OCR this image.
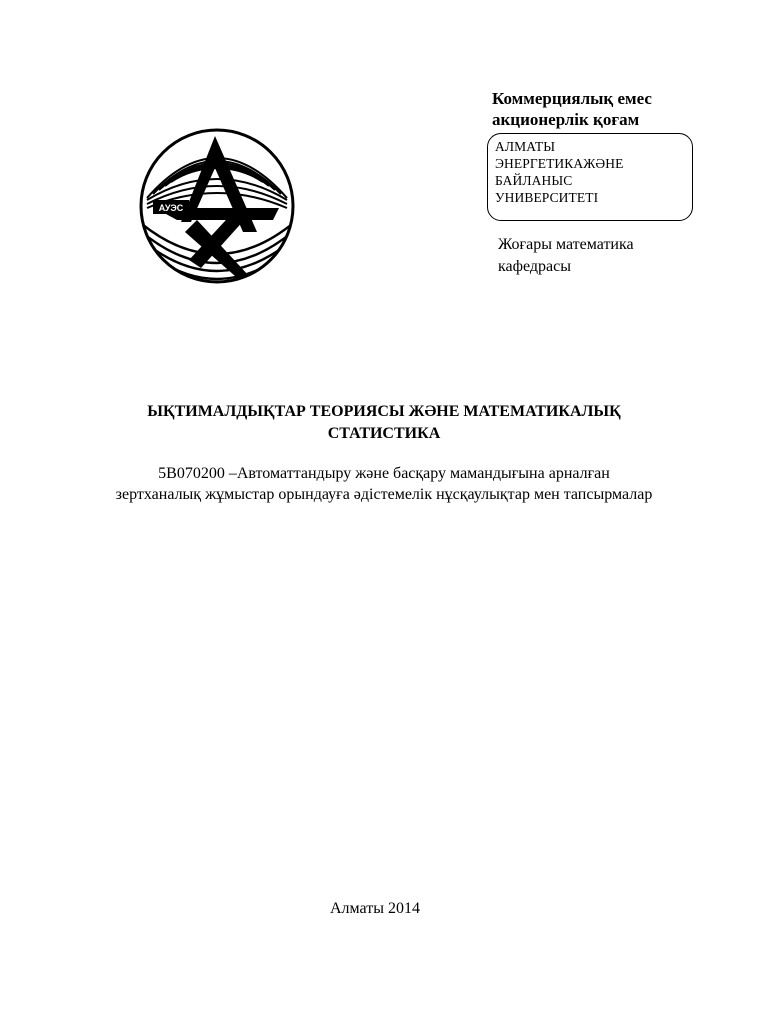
АУЭС
Коммерциялық емес
акционерлік қоғам
АЛМАТЫ
ЭНЕРГЕТИКАЖӘНЕ
БАЙЛАНЫС
УНИВЕРСИТЕТІ
Жоғары математика
кафедрасы
ЫҚТИМАЛДЫҚТАР ТЕОРИЯСЫ ЖӘНЕ МАТЕМАТИКАЛЫҚ
СТАТИСТИКА
5В070200 –Автоматтандыру және басқару мамандығына арналған
зертханалық жұмыстар орындауға әдістемелік нұсқаулықтар мен тапсырмалар
Алматы 2014
